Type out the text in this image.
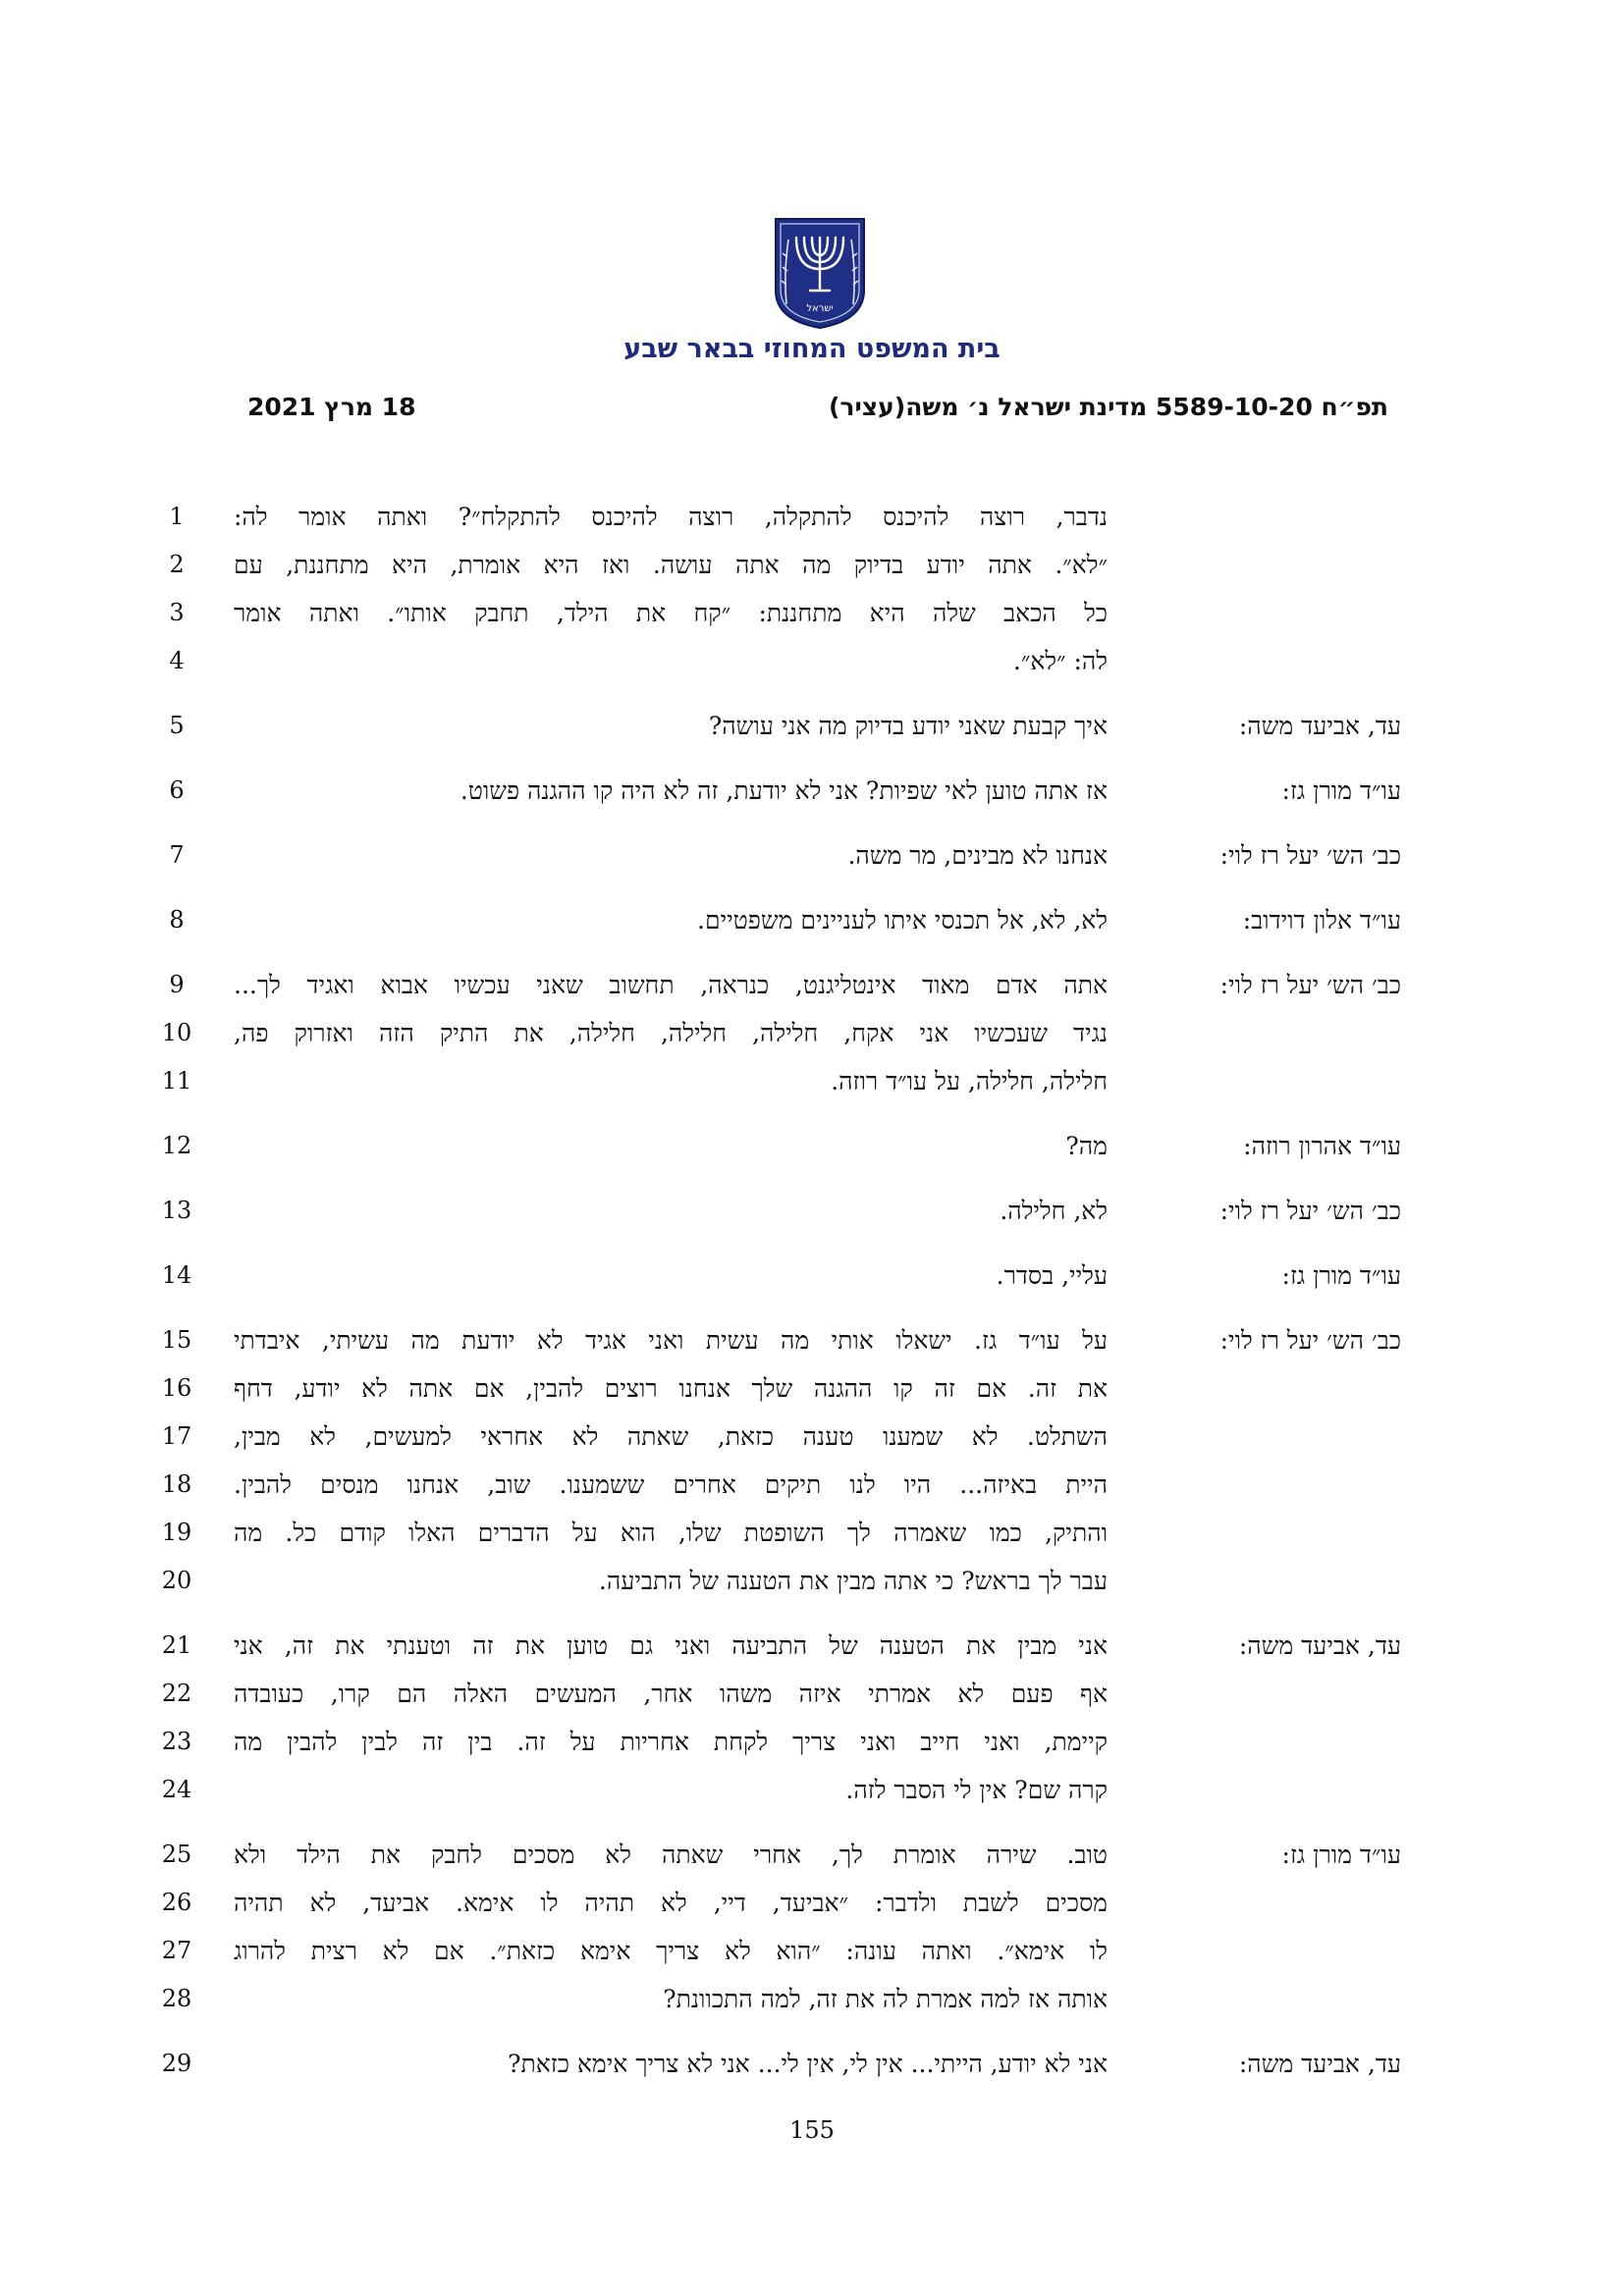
ישראל
בית המשפט המחוזי בבאר שבע
תפ״ח 5589-10-20 מדינת ישראל נ׳ משה(עציר)
18 מרץ 2021
נדבר, רוצה להיכנס להתקלה, רוצה להיכנס להתקלח״? ואתה אומר לה:
1
״לא״. אתה יודע בדיוק מה אתה עושה. ואז היא אומרת, היא מתחננת, עם
2
כל הכאב שלה היא מתחננת: ״קח את הילד, תחבק אותו״. ואתה אומר
3
לה: ״לא״.
4
עד, אביעד משה:
איך קבעת שאני יודע בדיוק מה אני עושה?
5
עו״ד מורן גז:
אז אתה טוען לאי שפיות? אני לא יודעת, זה לא היה קו ההגנה פשוט.
6
כב׳ הש׳ יעל רז לוי:
אנחנו לא מבינים, מר משה.
7
עו״ד אלון דוידוב:
לא, לא, אל תכנסי איתו לעניינים משפטיים.
8
כב׳ הש׳ יעל רז לוי:
אתה אדם מאוד אינטליגנט, כנראה, תחשוב שאני עכשיו אבוא ואגיד לך...
9
נגיד שעכשיו אני אקח, חלילה, חלילה, חלילה, את התיק הזה ואזרוק פה,
10
חלילה, חלילה, על עו״ד רוזה.
11
עו״ד אהרון רוזה:
מה?
12
כב׳ הש׳ יעל רז לוי:
לא, חלילה.
13
עו״ד מורן גז:
עליי, בסדר.
14
כב׳ הש׳ יעל רז לוי:
על עו״ד גז. ישאלו אותי מה עשית ואני אגיד לא יודעת מה עשיתי, איבדתי
15
את זה. אם זה קו ההגנה שלך אנחנו רוצים להבין, אם אתה לא יודע, דחף
16
השתלט. לא שמענו טענה כזאת, שאתה לא אחראי למעשים, לא מבין,
17
היית באיזה... היו לנו תיקים אחרים ששמענו. שוב, אנחנו מנסים להבין.
18
והתיק, כמו שאמרה לך השופטת שלו, הוא על הדברים האלו קודם כל. מה
19
עבר לך בראש? כי אתה מבין את הטענה של התביעה.
20
עד, אביעד משה:
אני מבין את הטענה של התביעה ואני גם טוען את זה וטענתי את זה, אני
21
אף פעם לא אמרתי איזה משהו אחר, המעשים האלה הם קרו, כעובדה
22
קיימת, ואני חייב ואני צריך לקחת אחריות על זה. בין זה לבין להבין מה
23
קרה שם? אין לי הסבר לזה.
24
עו״ד מורן גז:
טוב. שירה אומרת לך, אחרי שאתה לא מסכים לחבק את הילד ולא
25
מסכים לשבת ולדבר: ״אביעד, דיי, לא תהיה לו אימא. אביעד, לא תהיה
26
לו אימא״. ואתה עונה: ״הוא לא צריך אימא כזאת״. אם לא רצית להרוג
27
אותה אז למה אמרת לה את זה, למה התכוונת?
28
עד, אביעד משה:
אני לא יודע, הייתי... אין לי, אין לי... אני לא צריך אימא כזאת?
29
155
